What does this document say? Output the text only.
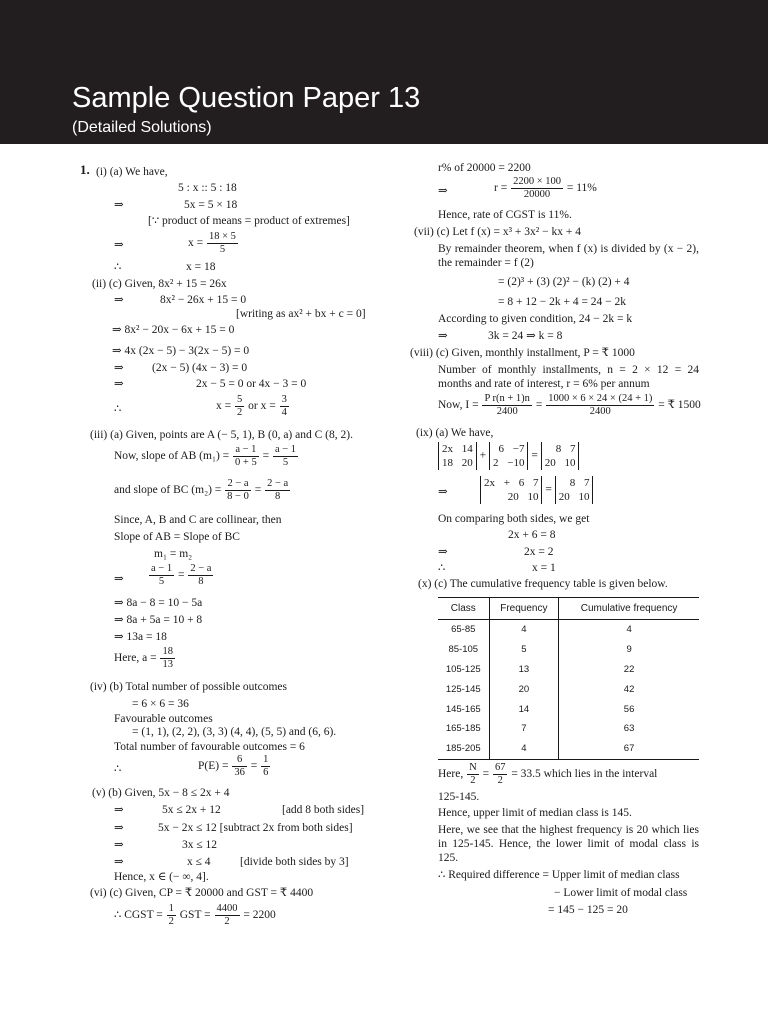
Sample Question Paper 13
(Detailed Solutions)
1. (i) (a) We have,
5 : x :: 5 : 18
⇒	5x = 5 × 18
[∵ product of means = product of extremes]
⇒	$x = \frac{18 \times 5}{5}$
∴	x = 18
(ii) (c) Given, 8x² + 15 = 26x
⇒	8x² − 26x + 15 = 0
[writing as ax² + bx + c = 0]
⇒ 8x² − 20x − 6x + 15 = 0
⇒ 4x (2x − 5) − 3(2x − 5) = 0
⇒ (2x − 5) (4x − 3) = 0
⇒	2x − 5 = 0 or 4x − 3 = 0
∴	$x = \frac{5}{2}$ or $x = \frac{3}{4}$
(iii) (a) Given, points are A (− 5, 1), B (0, a) and C (8, 2).
Now, slope of AB $(m_1) = \frac{a - 1}{0 + 5} = \frac{a - 1}{5}$
and slope of BC $(m_2) = \frac{2 - a}{8 - 0} = \frac{2 - a}{8}$
Since, A, B and C are collinear, then
Slope of AB = Slope of BC
m₁ = m₂
⇒ $\frac{a - 1}{5} = \frac{2 - a}{8}$
⇒ 8a − 8 = 10 − 5a
⇒ 8a + 5a = 10 + 8
⇒ 13a = 18
Here, $a = \frac{18}{13}$
(iv) (b) Total number of possible outcomes
= 6 × 6 = 36
Favourable outcomes
= (1, 1), (2, 2), (3, 3) (4, 4), (5, 5) and (6, 6).
Total number of favourable outcomes = 6
∴	$P(E) = \frac{6}{36} = \frac{1}{6}$
(v) (b) Given, 5x − 8 ≤ 2x + 4
⇒	5x ≤ 2x + 12	[add 8 both sides]
⇒	5x − 2x ≤ 12 [subtract 2x from both sides]
⇒	3x ≤ 12
⇒	x ≤ 4	[divide both sides by 3]
Hence, x ∈ (− ∞, 4].
(vi) (c) Given, CP = ₹ 20000 and GST = ₹ 4400
∴ CGST = $\frac{1}{2}$ GST = $\frac{4400}{2} = 2200$
r% of 20000 = 2200
⇒	$r = \frac{2200 \times 100}{20000} = 11\%$
Hence, rate of CGST is 11%.
(vii) (c) Let f (x) = x³ + 3x² − kx + 4
By remainder theorem, when f (x) is divided by (x − 2), the remainder = f (2)
= (2)³ + (3) (2)² − (k) (2) + 4
= 8 + 12 − 2k + 4 = 24 − 2k
According to given condition, 24 − 2k = k
⇒	3k = 24 ⇒ k = 8
(viii) (c) Given, monthly installment, P = ₹ 1000
Number of monthly installments, n = 2 × 12 = 24 months and rate of interest, r = 6% per annum
Now, $I = \frac{\text{P r(n + 1)n}}{2400} = \frac{1000 \times 6 \times 24 \times (24 + 1)}{2400}$ = ₹ 1500
(ix) (a) We have,
2x 14
18 20
+
6 −7
2 −10
=
8 7
20 10
⇒
2x + 6 7
20 10
=
8 7
20 10
On comparing both sides, we get
2x + 6 = 8
⇒	2x = 2
∴	x = 1
(x) (c) The cumulative frequency table is given below.
Class	Frequency	Cumulative frequency
65-85	4	4
85-105	5	9
105-125	13	22
125-145	20	42
145-165	14	56
165-185	7	63
185-205	4	67
Here, $\frac{N}{2} = \frac{67}{2} = 33.5$ which lies in the interval
125-145.
Hence, upper limit of median class is 145.
Here, we see that the highest frequency is 20 which lies in 125-145. Hence, the lower limit of modal class is 125.
∴ Required difference = Upper limit of median class
− Lower limit of modal class
= 145 − 125 = 20
